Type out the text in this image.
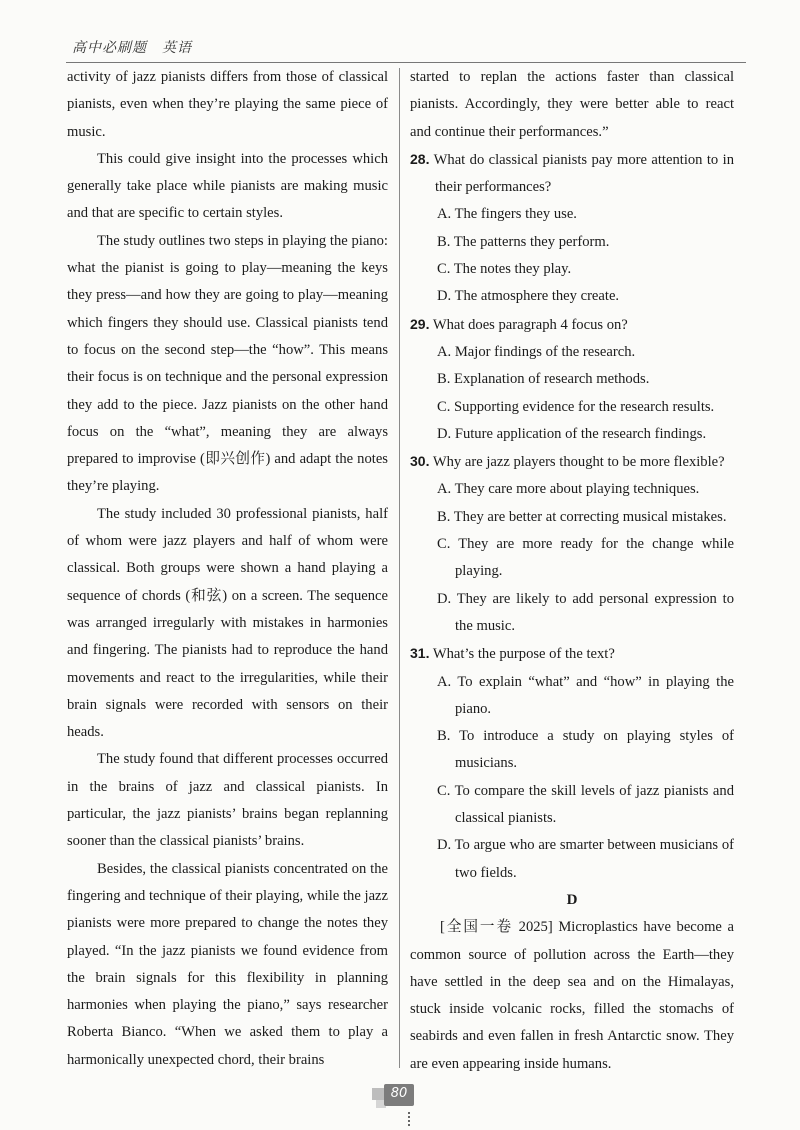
高中必刷题　英语

activity of jazz pianists differs from those of classical pianists, even when they’re playing the same piece of music.

This could give insight into the processes which generally take place while pianists are making music and that are specific to certain styles.

The study outlines two steps in playing the piano: what the pianist is going to play—meaning the keys they press—and how they are going to play—meaning which fingers they should use. Classical pianists tend to focus on the second step—the “how”. This means their focus is on technique and the personal expression they add to the piece. Jazz pianists on the other hand focus on the “what”, meaning they are always prepared to improvise (即兴创作) and adapt the notes they’re playing.

The study included 30 professional pianists, half of whom were jazz players and half of whom were classical. Both groups were shown a hand playing a sequence of chords (和弦) on a screen. The sequence was arranged irregularly with mistakes in harmonies and fingering. The pianists had to reproduce the hand movements and react to the irregularities, while their brain signals were recorded with sensors on their heads.

The study found that different processes occurred in the brains of jazz and classical pianists. In particular, the jazz pianists’ brains began replanning sooner than the classical pianists’ brains.

Besides, the classical pianists concentrated on the fingering and technique of their playing, while the jazz pianists were more prepared to change the notes they played. “In the jazz pianists we found evidence from the brain signals for this flexibility in planning harmonies when playing the piano,” says researcher Roberta Bianco. “When we asked them to play a harmonically unexpected chord, their brains

started to replan the actions faster than classical pianists. Accordingly, they were better able to react and continue their performances.”

28. What do classical pianists pay more attention to in their performances?

A. The fingers they use.

B. The patterns they perform.

C. The notes they play.

D. The atmosphere they create.

29. What does paragraph 4 focus on?

A. Major findings of the research.

B. Explanation of research methods.

C. Supporting evidence for the research results.

D. Future application of the research findings.

30. Why are jazz players thought to be more flexible?

A. They care more about playing techniques.

B. They are better at correcting musical mistakes.

C. They are more ready for the change while playing.

D. They are likely to add personal expression to the music.

31. What’s the purpose of the text?

A. To explain “what” and “how” in playing the piano.

B. To introduce a study on playing styles of musicians.

C. To compare the skill levels of jazz pianists and classical pianists.

D. To argue who are smarter between musicians of two fields.

D

[全国一卷 2025] Microplastics have become a common source of pollution across the Earth—they have settled in the deep sea and on the Himalayas, stuck inside volcanic rocks, filled the stomachs of seabirds and even fallen in fresh Antarctic snow. They are even appearing inside humans.

80
